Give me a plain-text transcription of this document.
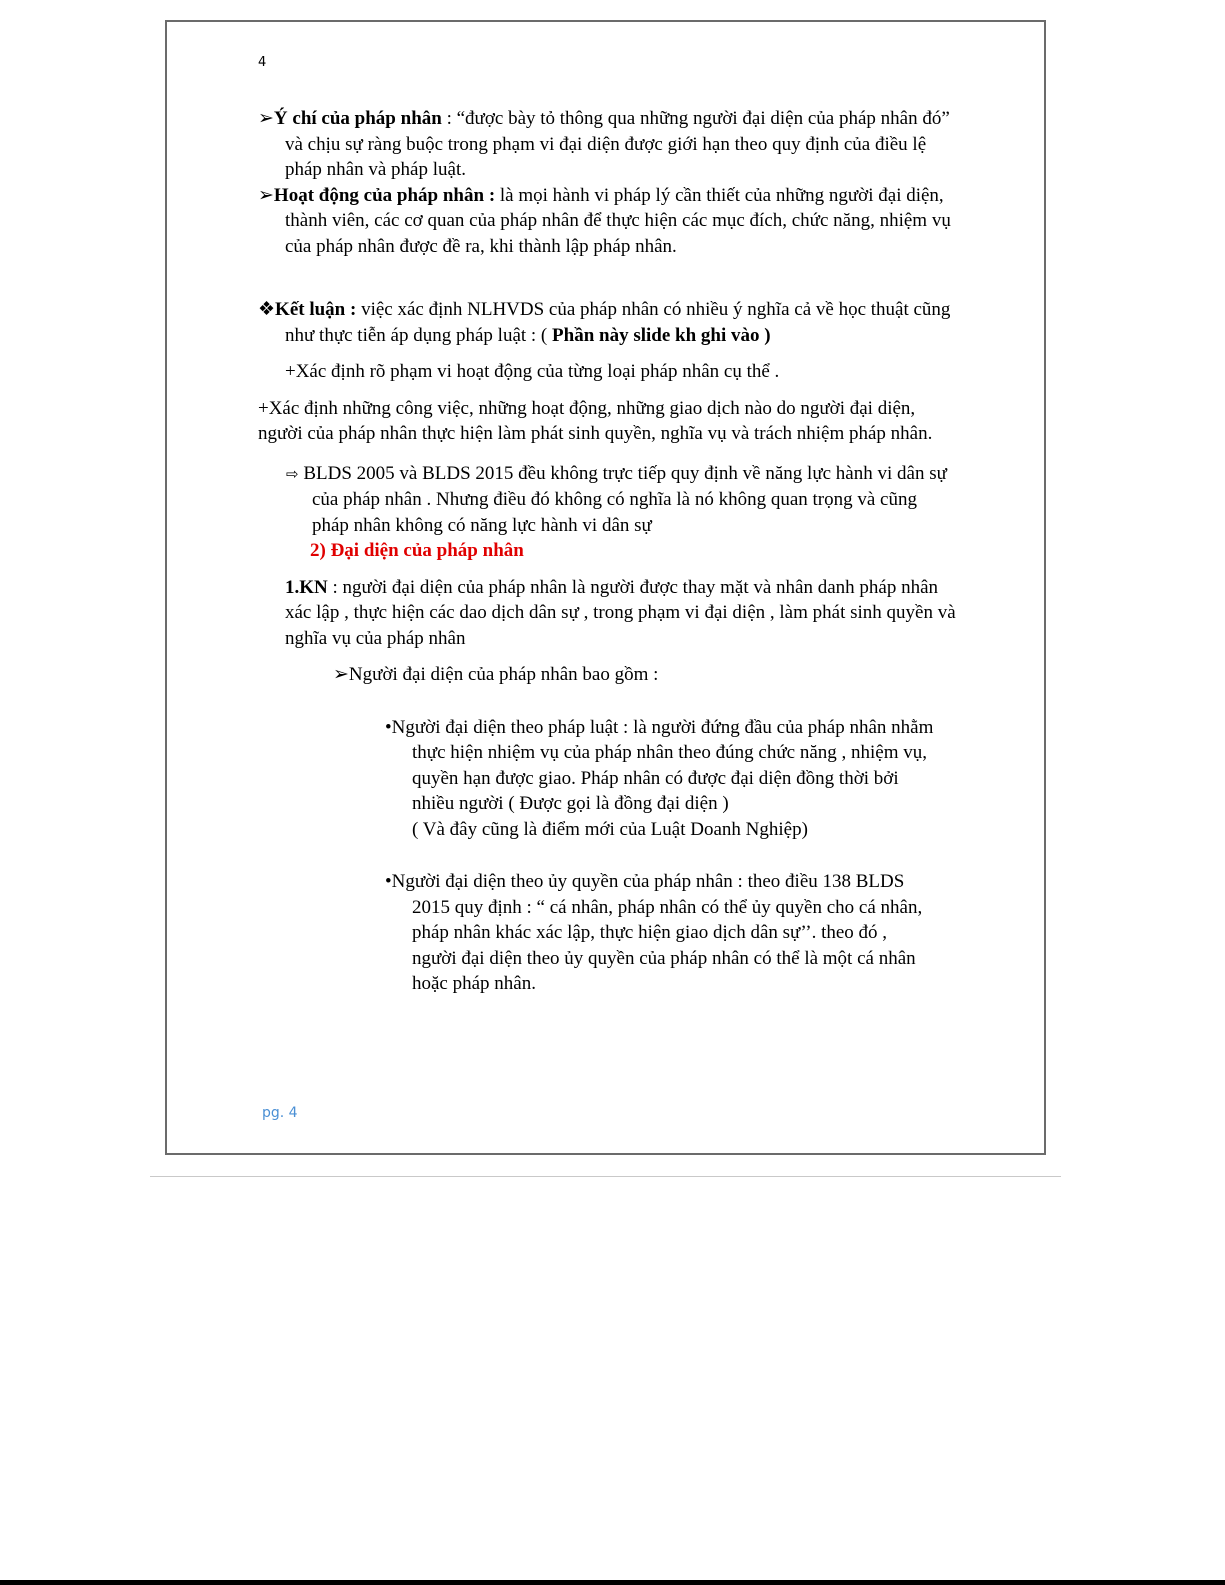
4

➢Ý chí của pháp nhân : “được bày tỏ thông qua những người đại diện của pháp nhân đó” và chịu sự ràng buộc trong phạm vi đại diện được giới hạn theo quy định của điều lệ pháp nhân và pháp luật.

➢Hoạt động của pháp nhân : là mọi hành vi pháp lý cần thiết của những người đại diện, thành viên, các cơ quan của pháp nhân để thực hiện các mục đích, chức năng, nhiệm vụ của pháp nhân được đề ra, khi thành lập pháp nhân.

❖Kết luận : việc xác định NLHVDS của pháp nhân có nhiều ý nghĩa cả về học thuật cũng như thực tiễn áp dụng pháp luật : ( Phần này slide kh ghi vào )

+Xác định rõ phạm vi hoạt động của từng loại pháp nhân cụ thể .

+Xác định những công việc, những hoạt động, những giao dịch nào do người đại diện, người của pháp nhân thực hiện làm phát sinh quyền, nghĩa vụ và trách nhiệm pháp nhân.

⇨ BLDS 2005 và BLDS 2015 đều không trực tiếp quy định về năng lực hành vi dân sự của pháp nhân . Nhưng điều đó không có nghĩa là nó không quan trọng và cũng pháp nhân không có năng lực hành vi dân sự

2) Đại diện của pháp nhân

1.KN : người đại diện của pháp nhân là người được thay mặt và nhân danh pháp nhân xác lập , thực hiện các dao dịch dân sự , trong phạm vi đại diện , làm phát sinh quyền và nghĩa vụ của pháp nhân

➢Người đại diện của pháp nhân bao gồm :

•Người đại diện theo pháp luật : là người đứng đầu của pháp nhân nhằm thực hiện nhiệm vụ của pháp nhân theo đúng chức năng , nhiệm vụ, quyền hạn được giao. Pháp nhân có được đại diện đồng thời bởi nhiều người ( Được gọi là đồng đại diện )

( Và đây cũng là điểm mới của Luật Doanh Nghiệp)

•Người đại diện theo ủy quyền của pháp nhân : theo điều 138 BLDS 2015 quy định : “ cá nhân, pháp nhân có thể ủy quyền cho cá nhân, pháp nhân khác xác lập, thực hiện giao dịch dân sự’’. theo đó , người đại diện theo ủy quyền của pháp nhân có thể là một cá nhân hoặc pháp nhân.

pg. 4
